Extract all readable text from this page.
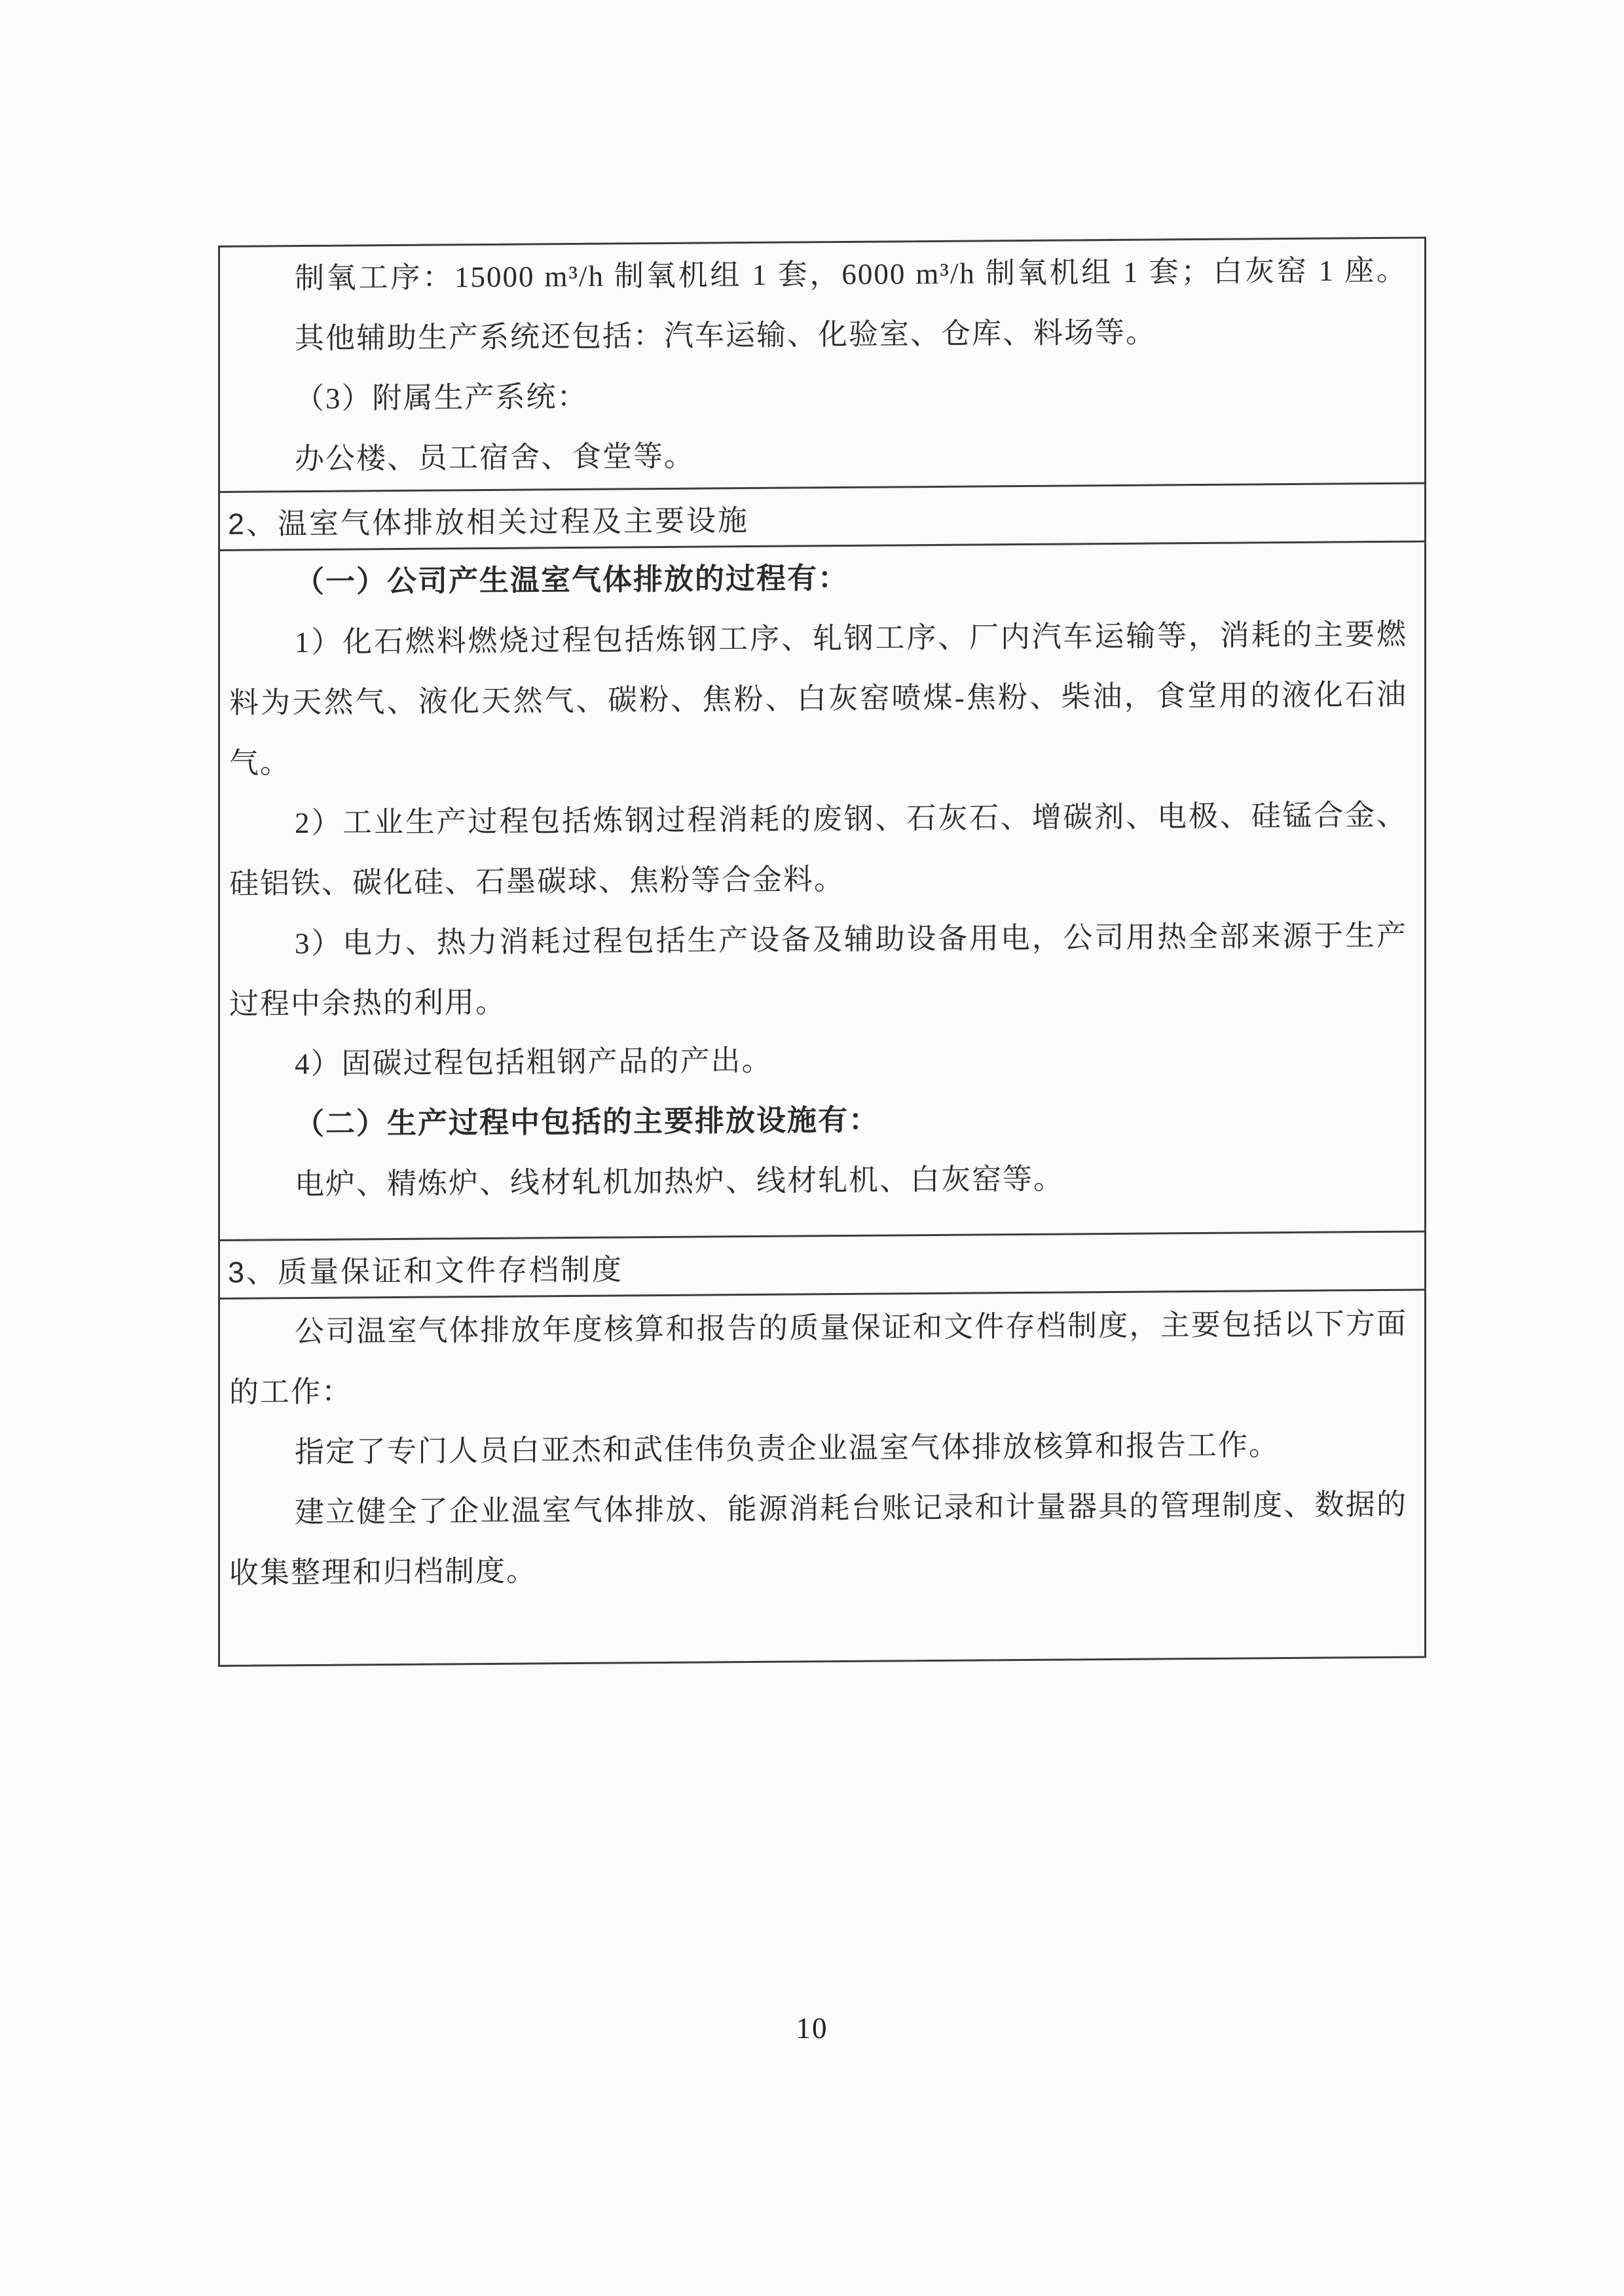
制氧工序：15000 m³/h 制氧机组 1 套，6000 m³/h 制氧机组 1 套；白灰窑 1 座。

其他辅助生产系统还包括：汽车运输、化验室、仓库、料场等。

（3）附属生产系统：

办公楼、员工宿舍、食堂等。

2、温室气体排放相关过程及主要设施

（一）公司产生温室气体排放的过程有：

1）化石燃料燃烧过程包括炼钢工序、轧钢工序、厂内汽车运输等，消耗的主要燃

料为天然气、液化天然气、碳粉、焦粉、白灰窑喷煤-焦粉、柴油，食堂用的液化石油

气。

2）工业生产过程包括炼钢过程消耗的废钢、石灰石、增碳剂、电极、硅锰合金、

硅铝铁、碳化硅、石墨碳球、焦粉等合金料。

3）电力、热力消耗过程包括生产设备及辅助设备用电，公司用热全部来源于生产

过程中余热的利用。

4）固碳过程包括粗钢产品的产出。

（二）生产过程中包括的主要排放设施有：

电炉、精炼炉、线材轧机加热炉、线材轧机、白灰窑等。

3、质量保证和文件存档制度

公司温室气体排放年度核算和报告的质量保证和文件存档制度，主要包括以下方面

的工作：

指定了专门人员白亚杰和武佳伟负责企业温室气体排放核算和报告工作。

建立健全了企业温室气体排放、能源消耗台账记录和计量器具的管理制度、数据的

收集整理和归档制度。

10
